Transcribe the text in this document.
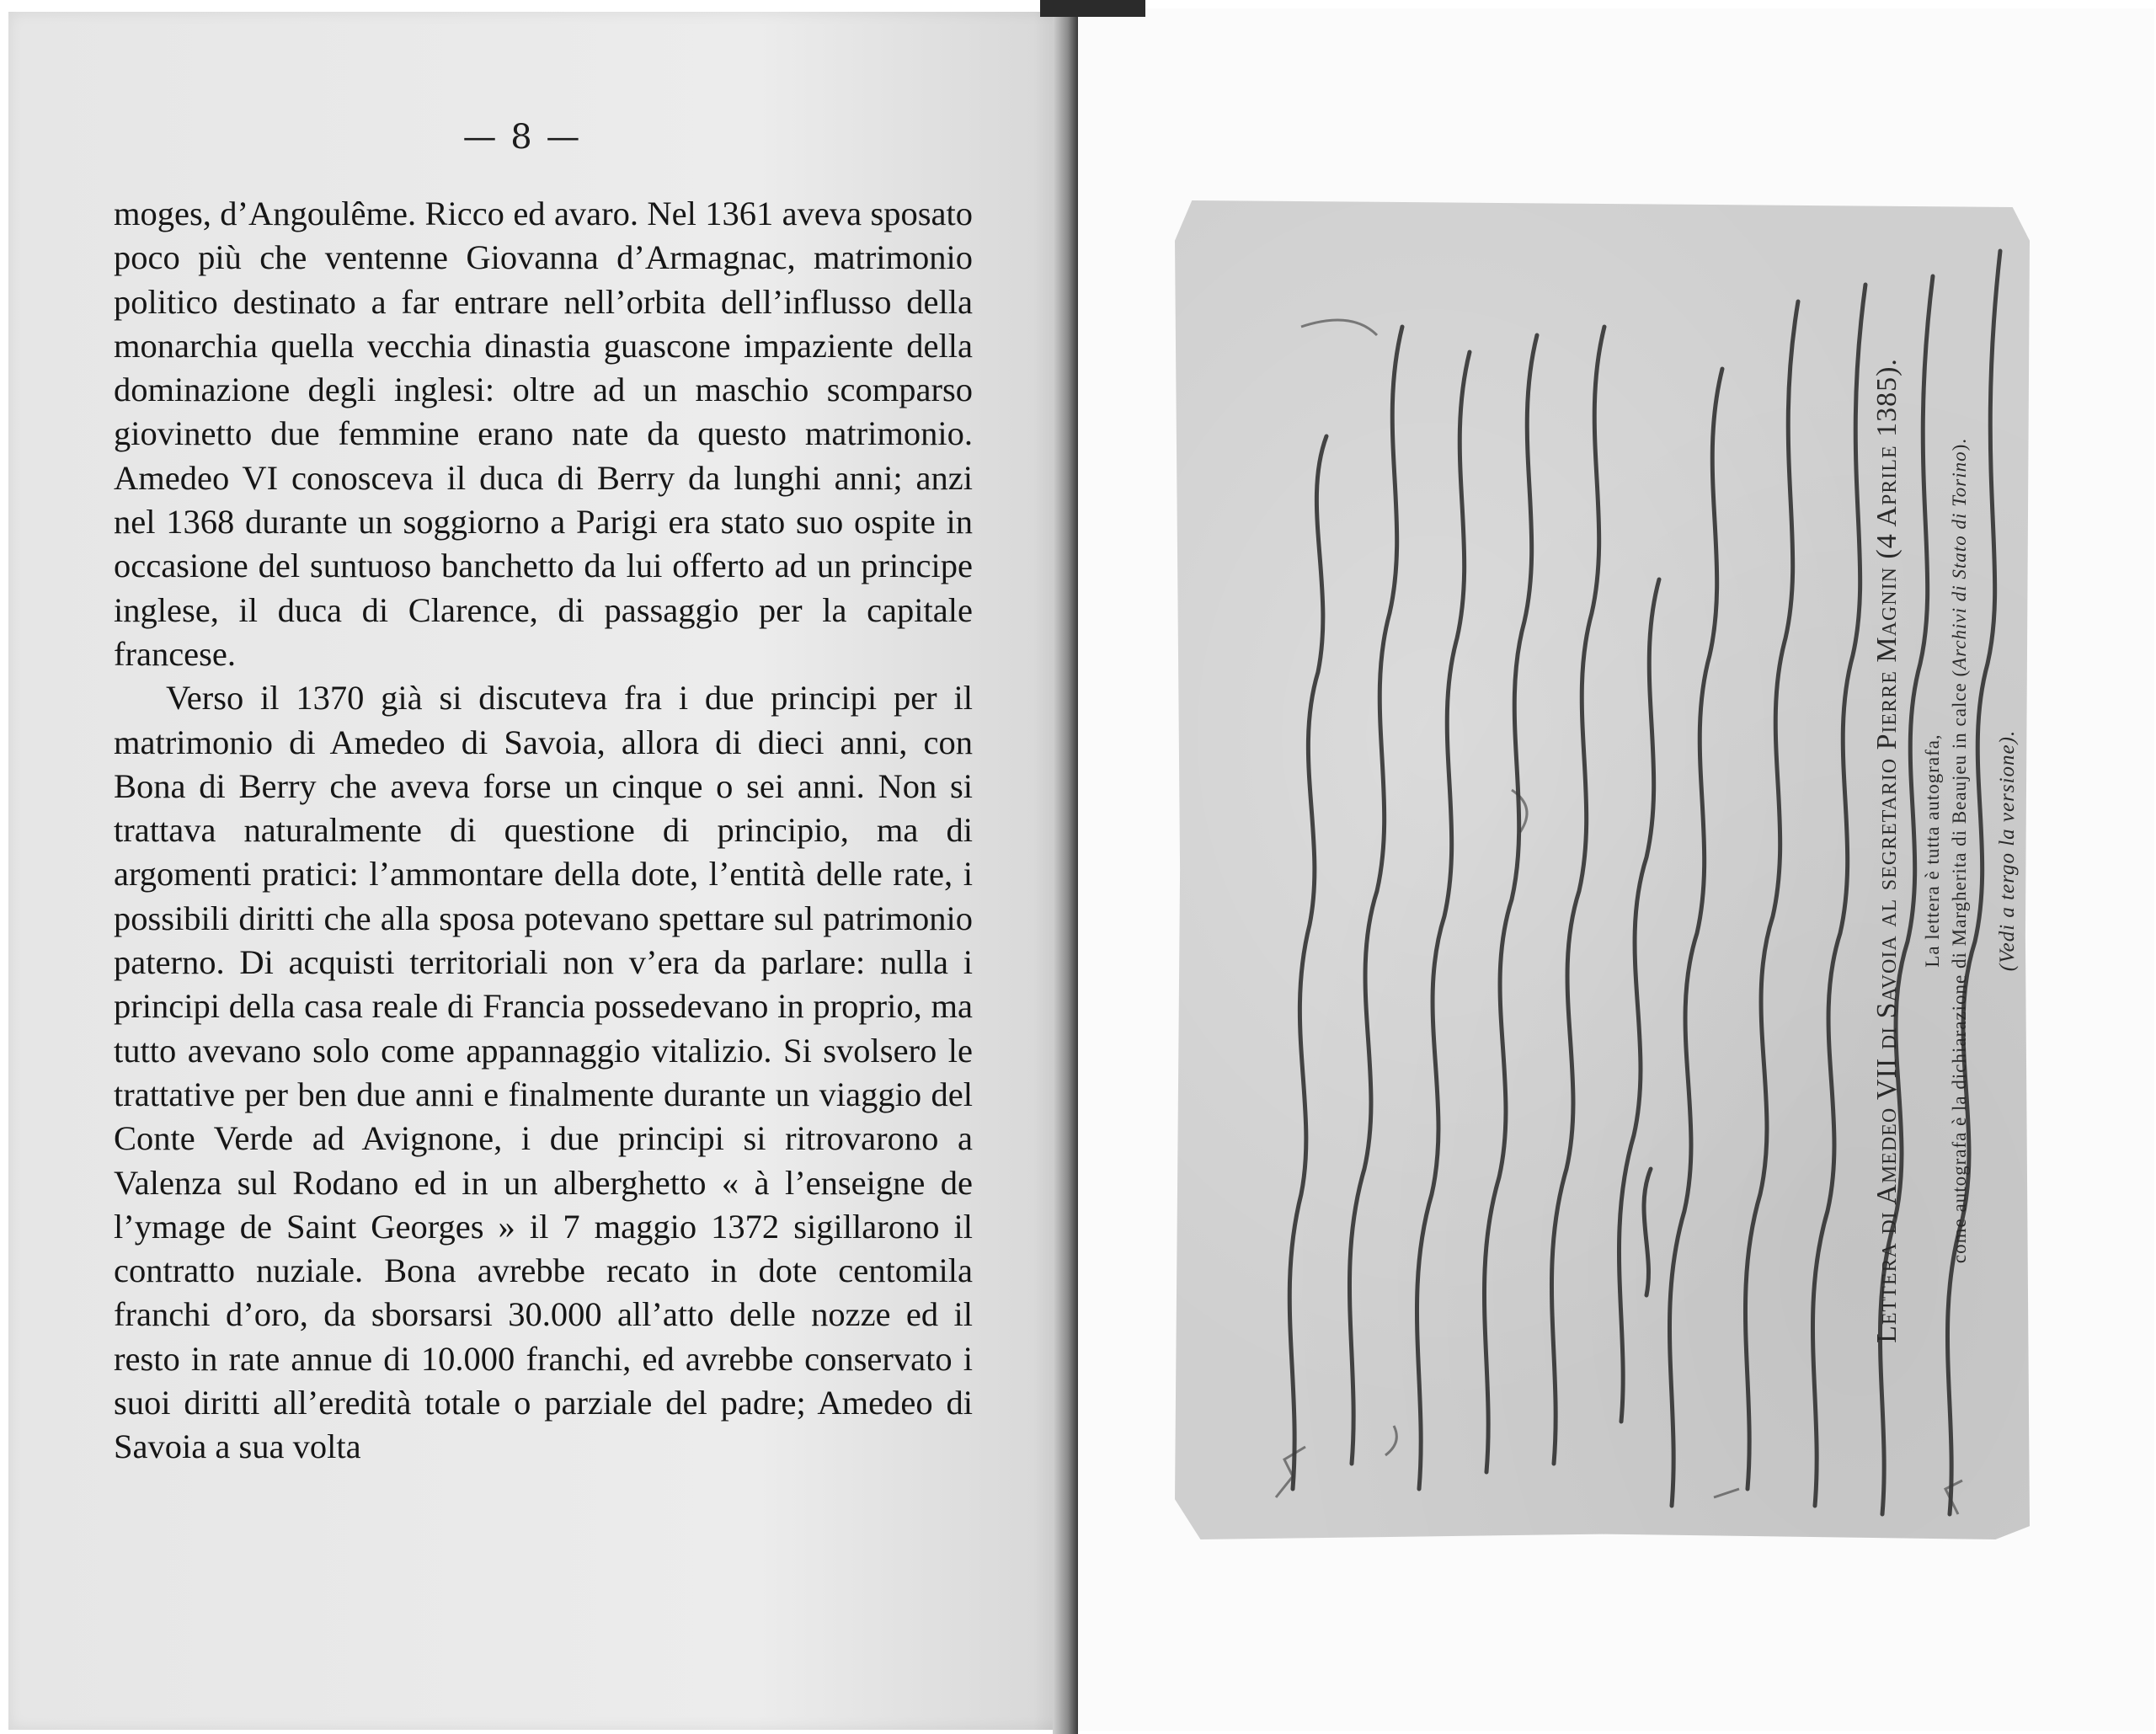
— 8 —

moges, d’Angoulême. Ricco ed avaro. Nel 1361 aveva sposato poco più che ventenne Giovanna d’Armagnac, matrimonio politico destinato a far entrare nell’orbita dell’influsso della monarchia quella vecchia dinastia guascone impaziente della dominazione degli inglesi: oltre ad un maschio scomparso giovinetto due femmine erano nate da questo matrimonio. Amedeo VI conosceva il duca di Berry da lunghi anni; anzi nel 1368 durante un soggiorno a Parigi era stato suo ospite in occasione del suntuoso banchetto da lui offerto ad un principe inglese, il duca di Clarence, di passaggio per la capitale francese.

Verso il 1370 già si discuteva fra i due principi per il matrimonio di Amedeo di Savoia, allora di dieci anni, con Bona di Berry che aveva forse un cinque o sei anni. Non si trattava naturalmente di questione di principio, ma di argomenti pratici: l’ammontare della dote, l’entità delle rate, i possibili diritti che alla sposa potevano spettare sul patrimonio paterno. Di acquisti territoriali non v’era da parlare: nulla i principi della casa reale di Francia possedevano in proprio, ma tutto avevano solo come appannaggio vitalizio. Si svolsero le trattative per ben due anni e finalmente durante un viaggio del Conte Verde ad Avignone, i due principi si ritrovarono a Valenza sul Rodano ed in un alberghetto « à l’enseigne de l’ymage de Saint Georges » il 7 maggio 1372 sigillarono il contratto nuziale. Bona avrebbe recato in dote centomila franchi d’oro, da sborsarsi 30.000 all’atto delle nozze ed il resto in rate annue di 10.000 franchi, ed avrebbe conservato i suoi diritti all’eredità totale o parziale del padre; Amedeo di Savoia a sua volta

Lettera di Amedeo VII di Savoia al segretario Pierre Magnin (4 Aprile 1385). La lettera è tutta autografa, come autografa è la dichiarazione di Margherita di Beaujeu in calce (Archivi di Stato di Torino).
(Vedi a tergo la versione).
